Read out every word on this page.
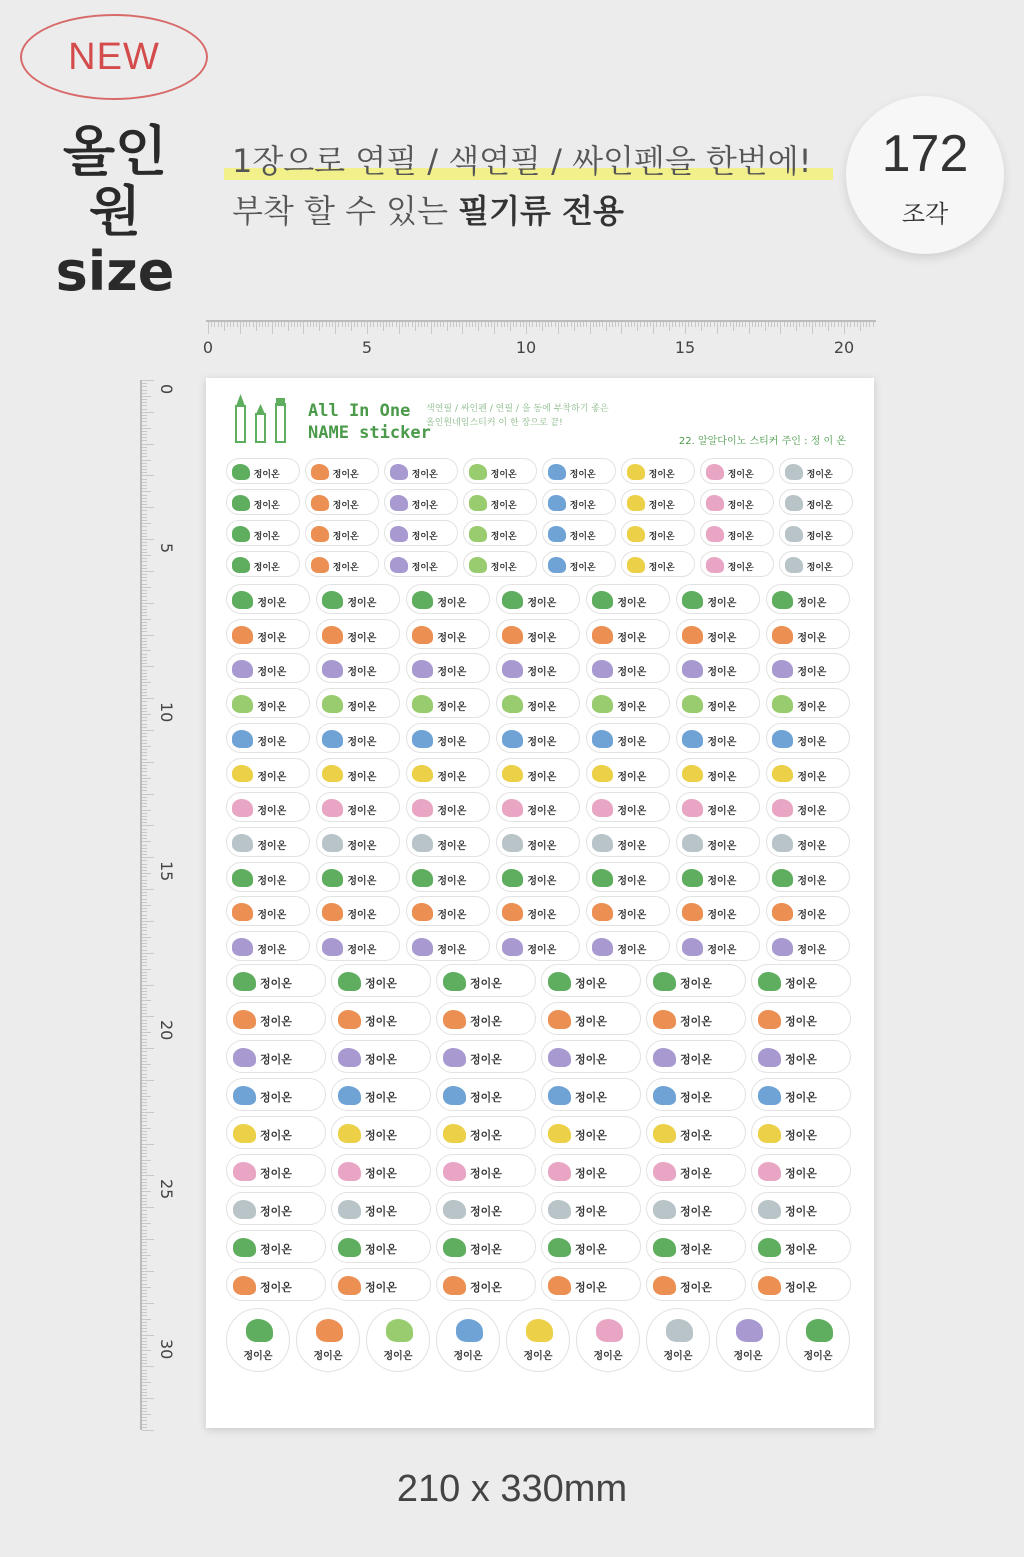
NEW
올인원
size
1장으로 연필 / 색연필 / 싸인펜을 한번에!
부착 할 수 있는 필기류 전용
172
조각
0	5	10	15	20
0
5
10
15
20
25
30
All In One
NAME sticker
색연필 / 싸인펜 / 연필 / 을 동에 부착하기 좋은
올인원네임스티커 이 한 장으로 끝!
22. 알알다이노 스티커 주인 : 정 이 온
정이온	정이온	정이온	정이온	정이온	정이온	정이온	정이온
정이온	정이온	정이온	정이온	정이온	정이온	정이온	정이온
정이온	정이온	정이온	정이온	정이온	정이온	정이온	정이온
정이온	정이온	정이온	정이온	정이온	정이온	정이온	정이온
정이온	정이온	정이온	정이온	정이온	정이온	정이온
정이온	정이온	정이온	정이온	정이온	정이온	정이온
정이온	정이온	정이온	정이온	정이온	정이온	정이온
정이온	정이온	정이온	정이온	정이온	정이온	정이온
정이온	정이온	정이온	정이온	정이온	정이온	정이온
정이온	정이온	정이온	정이온	정이온	정이온	정이온
정이온	정이온	정이온	정이온	정이온	정이온	정이온
정이온	정이온	정이온	정이온	정이온	정이온	정이온
정이온	정이온	정이온	정이온	정이온	정이온	정이온
정이온	정이온	정이온	정이온	정이온	정이온	정이온
정이온	정이온	정이온	정이온	정이온	정이온	정이온
정이온	정이온	정이온	정이온	정이온	정이온
정이온	정이온	정이온	정이온	정이온	정이온
정이온	정이온	정이온	정이온	정이온	정이온
정이온	정이온	정이온	정이온	정이온	정이온
정이온	정이온	정이온	정이온	정이온	정이온
정이온	정이온	정이온	정이온	정이온	정이온
정이온	정이온	정이온	정이온	정이온	정이온
정이온	정이온	정이온	정이온	정이온	정이온
정이온	정이온	정이온	정이온	정이온	정이온
정이온	정이온	정이온	정이온	정이온	정이온	정이온	정이온	정이온
210 x 330mm
